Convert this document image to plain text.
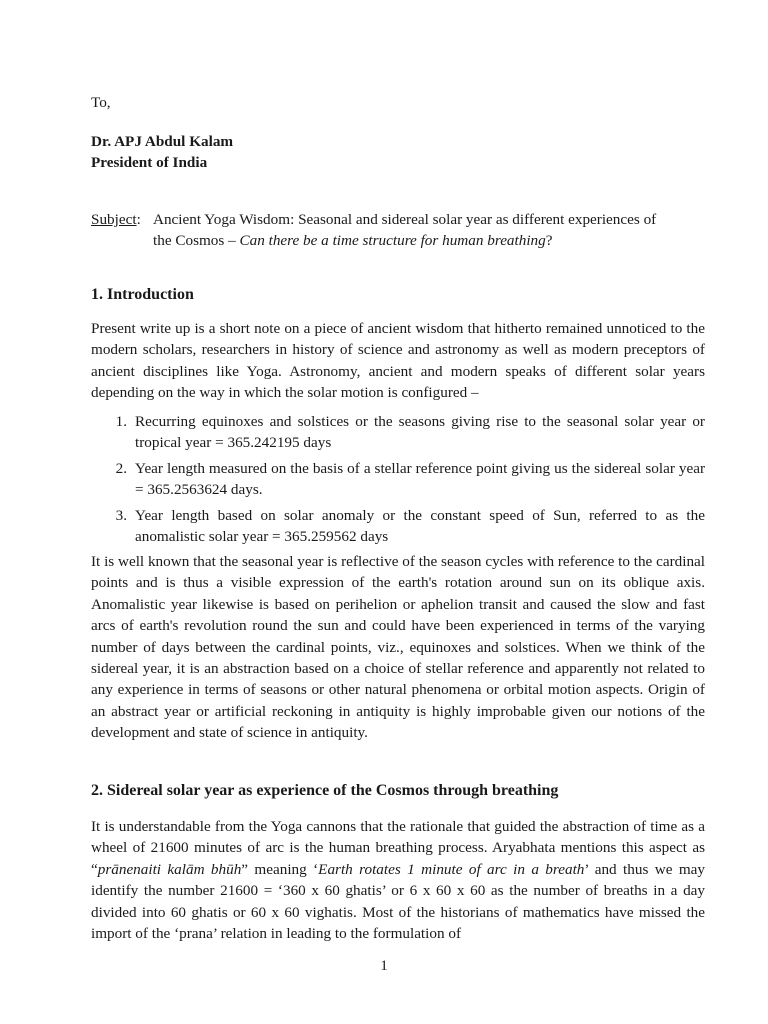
To,

Dr. APJ Abdul Kalam

President of India

Subject: Ancient Yoga Wisdom: Seasonal and sidereal solar year as different experiences of
the Cosmos – Can there be a time structure for human breathing?
1. Introduction

Present write up is a short note on a piece of ancient wisdom that hitherto remained unnoticed to the modern scholars, researchers in history of science and astronomy as well as modern preceptors of ancient disciplines like Yoga. Astronomy, ancient and modern speaks of different solar years depending on the way in which the solar motion is configured –

1. Recurring equinoxes and solstices or the seasons giving rise to the seasonal solar year or tropical year = 365.242195 days
2. Year length measured on the basis of a stellar reference point giving us the sidereal solar year = 365.2563624 days.
3. Year length based on solar anomaly or the constant speed of Sun, referred to as the anomalistic solar year = 365.259562 days

It is well known that the seasonal year is reflective of the season cycles with reference to the cardinal points and is thus a visible expression of the earth's rotation around sun on its oblique axis. Anomalistic year likewise is based on perihelion or aphelion transit and caused the slow and fast arcs of earth's revolution round the sun and could have been experienced in terms of the varying number of days between the cardinal points, viz., equinoxes and solstices. When we think of the sidereal year, it is an abstraction based on a choice of stellar reference and apparently not related to any experience in terms of seasons or other natural phenomena or orbital motion aspects. Origin of an abstract year or artificial reckoning in antiquity is highly improbable given our notions of the development and state of science in antiquity.

2. Sidereal solar year as experience of the Cosmos through breathing

It is understandable from the Yoga cannons that the rationale that guided the abstraction of time as a wheel of 21600 minutes of arc is the human breathing process. Aryabhata mentions this aspect as “prānenaiti kalām bhūh” meaning ‘Earth rotates 1 minute of arc in a breath’ and thus we may identify the number 21600 = ‘360 x 60 ghatis’ or 6 x 60 x 60 as the number of breaths in a day divided into 60 ghatis or 60 x 60 vighatis. Most of the historians of mathematics have missed the import of the ‘prana’ relation in leading to the formulation of

1
